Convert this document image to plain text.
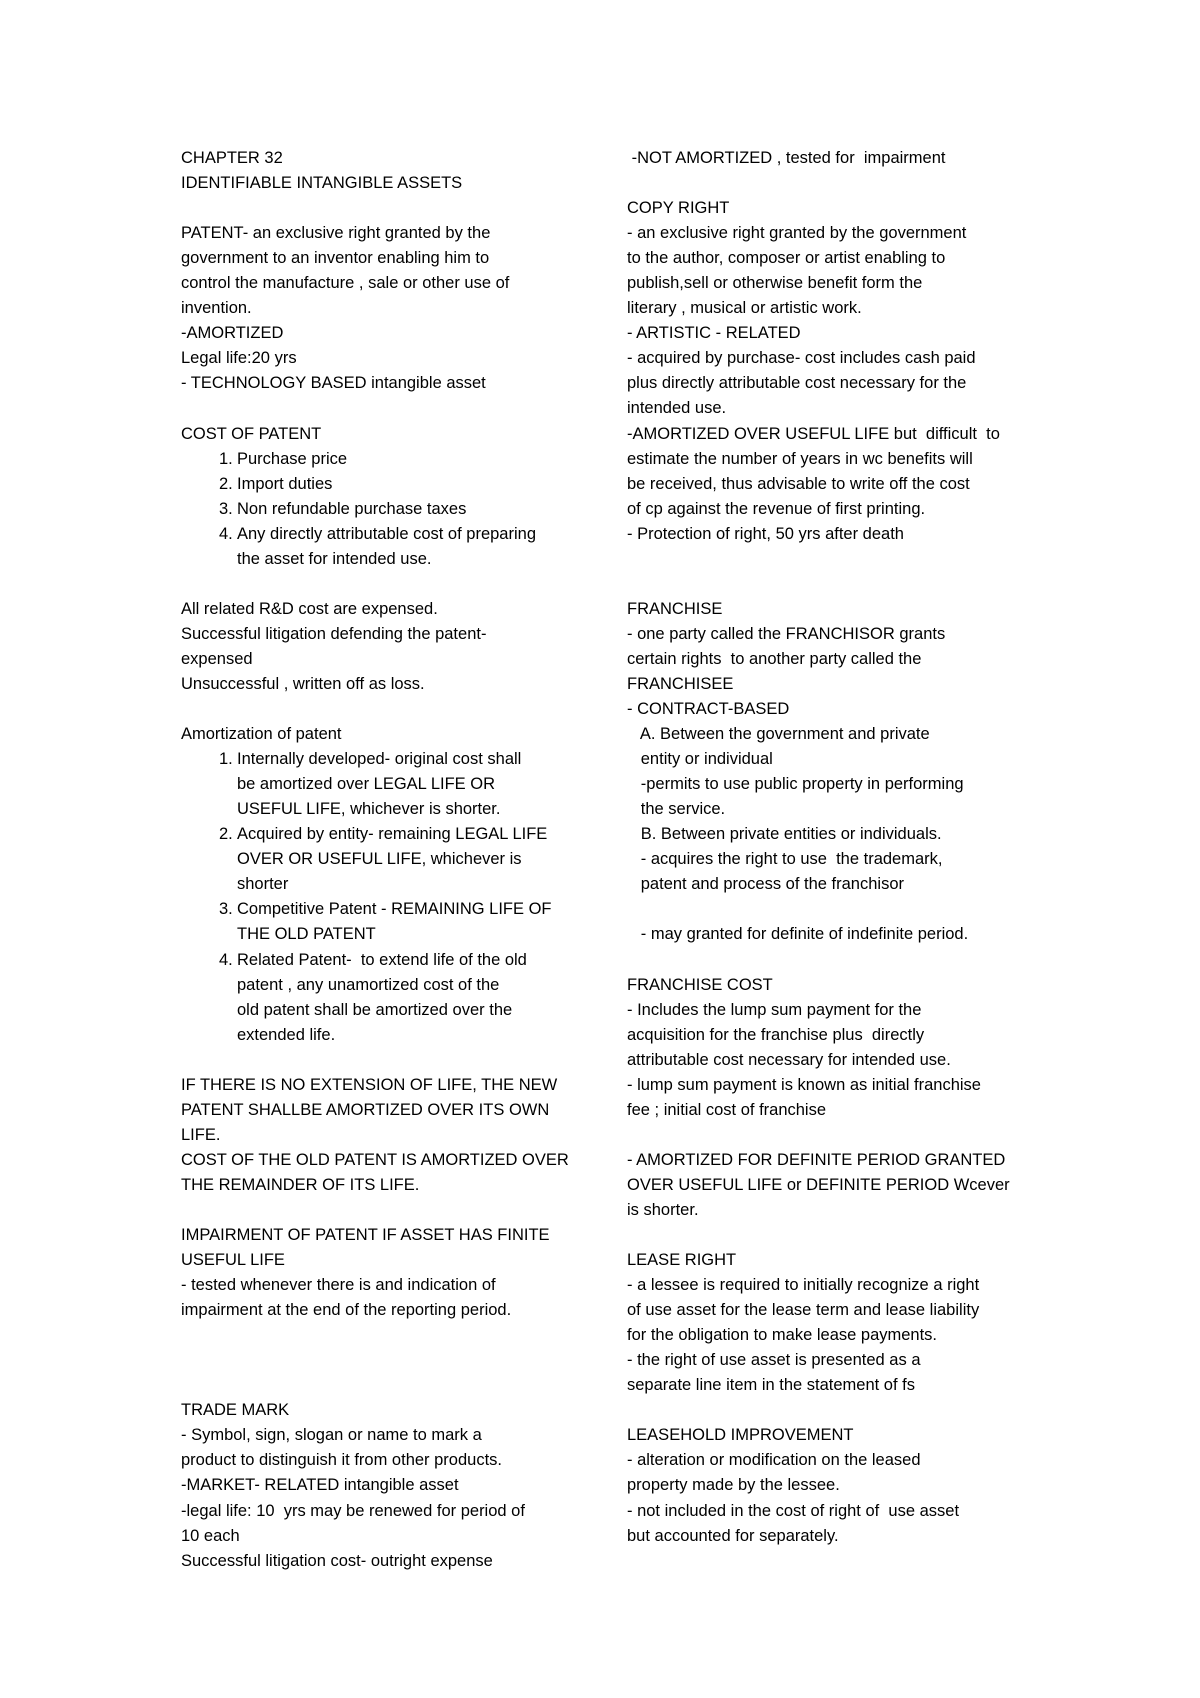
CHAPTER 32
IDENTIFIABLE INTANGIBLE ASSETS
PATENT- an exclusive right granted by the
government to an inventor enabling him to
control the manufacture , sale or other use of
invention.
-AMORTIZED
Legal life:20 yrs
- TECHNOLOGY BASED intangible asset
COST OF PATENT
1. Purchase price
2. Import duties
3. Non refundable purchase taxes
4. Any directly attributable cost of preparing
the asset for intended use.
All related R&D cost are expensed.
Successful litigation defending the patent-
expensed
Unsuccessful , written off as loss.
Amortization of patent
1. Internally developed- original cost shall
be amortized over LEGAL LIFE OR
USEFUL LIFE, whichever is shorter.
2. Acquired by entity- remaining LEGAL LIFE
OVER OR USEFUL LIFE, whichever is
shorter
3. Competitive Patent - REMAINING LIFE OF
THE OLD PATENT
4. Related Patent-  to extend life of the old
patent , any unamortized cost of the
old patent shall be amortized over the
extended life.
IF THERE IS NO EXTENSION OF LIFE, THE NEW
PATENT SHALLBE AMORTIZED OVER ITS OWN
LIFE.
COST OF THE OLD PATENT IS AMORTIZED OVER
THE REMAINDER OF ITS LIFE.
IMPAIRMENT OF PATENT IF ASSET HAS FINITE
USEFUL LIFE
- tested whenever there is and indication of
impairment at the end of the reporting period.
TRADE MARK
- Symbol, sign, slogan or name to mark a
product to distinguish it from other products.
-MARKET- RELATED intangible asset
-legal life: 10  yrs may be renewed for period of
10 each
Successful litigation cost- outright expense
-NOT AMORTIZED , tested for  impairment
COPY RIGHT
- an exclusive right granted by the government
to the author, composer or artist enabling to
publish,sell or otherwise benefit form the
literary , musical or artistic work.
- ARTISTIC - RELATED
- acquired by purchase- cost includes cash paid
plus directly attributable cost necessary for the
intended use.
-AMORTIZED OVER USEFUL LIFE but  difficult  to
estimate the number of years in wc benefits will
be received, thus advisable to write off the cost
of cp against the revenue of first printing.
- Protection of right, 50 yrs after death
FRANCHISE
- one party called the FRANCHISOR grants
certain rights  to another party called the
FRANCHISEE
- CONTRACT-BASED
A. Between the government and private
entity or individual
-permits to use public property in performing
the service.
B. Between private entities or individuals.
- acquires the right to use  the trademark,
patent and process of the franchisor
- may granted for definite of indefinite period.
FRANCHISE COST
- Includes the lump sum payment for the
acquisition for the franchise plus  directly
attributable cost necessary for intended use.
- lump sum payment is known as initial franchise
fee ; initial cost of franchise
- AMORTIZED FOR DEFINITE PERIOD GRANTED
OVER USEFUL LIFE or DEFINITE PERIOD Wcever
is shorter.
LEASE RIGHT
- a lessee is required to initially recognize a right
of use asset for the lease term and lease liability
for the obligation to make lease payments.
- the right of use asset is presented as a
separate line item in the statement of fs
LEASEHOLD IMPROVEMENT
- alteration or modification on the leased
property made by the lessee.
- not included in the cost of right of  use asset
but accounted for separately.
